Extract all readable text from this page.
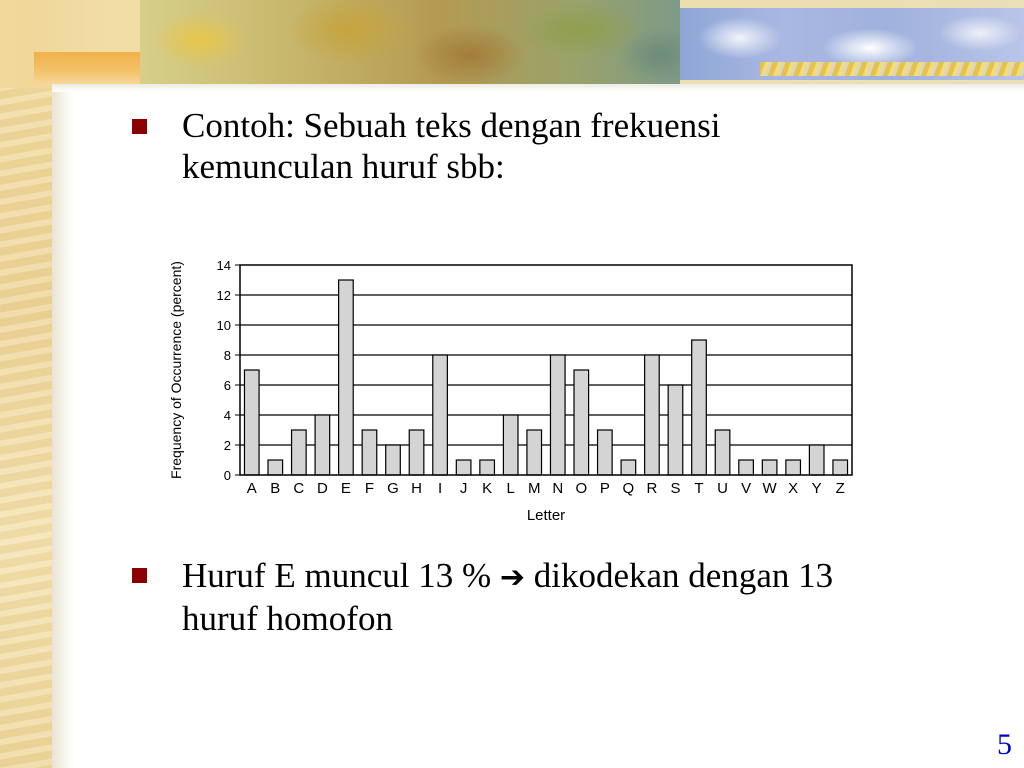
Contoh: Sebuah teks dengan frekuensi
kemunculan huruf sbb:
0
2
4
6
8
10
12
14
A B C D E F G H I J K L M N O P Q R S T U V W X Y Z
Frequency of Occurrence (percent)
Letter
Huruf E muncul 13 % ➔ dikodekan dengan 13
huruf homofon
5
